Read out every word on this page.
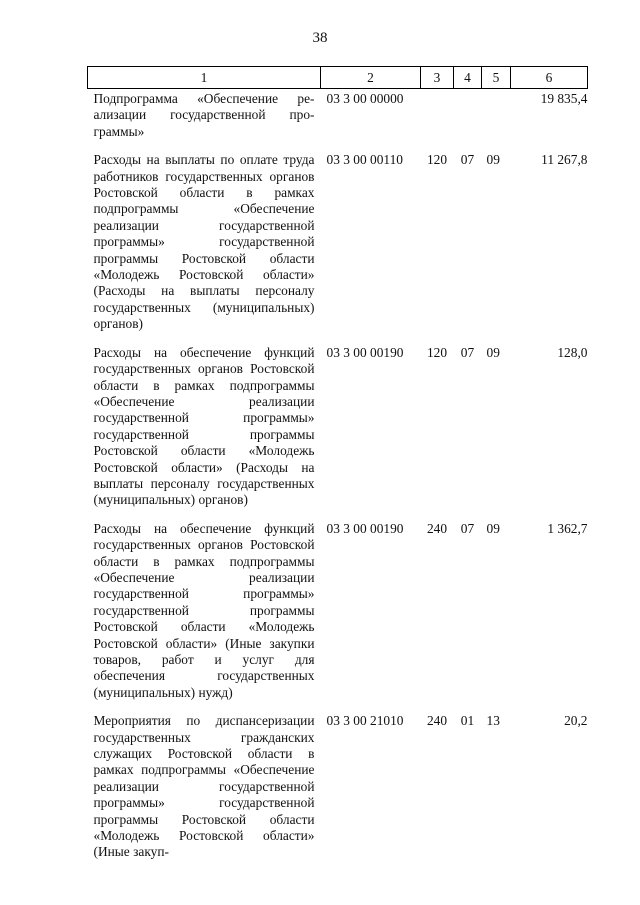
38
1	2	3	4	5	6
Подпрограмма «Обеспечение реализации государственной программы»	03 3 00 00000				19 835,4
Расходы на выплаты по оплате труда работников государственных органов Ростовской области в рамках подпрограммы «Обеспечение реализации государственной программы» государственной программы Ростовской области «Молодежь Ростовской области» (Расходы на выплаты персоналу государственных (муниципальных) органов)	03 3 00 00110	120	07	09	11 267,8
Расходы на обеспечение функций государственных органов Ростовской области в рамках подпрограммы «Обеспечение реализации государственной программы» государственной программы Ростовской области «Молодежь Ростовской области» (Расходы на выплаты персоналу государственных (муниципальных) органов)	03 3 00 00190	120	07	09	128,0
Расходы на обеспечение функций государственных органов Ростовской области в рамках подпрограммы «Обеспечение реализации государственной программы» государственной программы Ростовской области «Молодежь Ростовской области» (Иные закупки товаров, работ и услуг для обеспечения государственных (муниципальных) нужд)	03 3 00 00190	240	07	09	1 362,7
Мероприятия по диспансеризации государственных гражданских служащих Ростовской области в рамках подпрограммы «Обеспечение реализации государственной программы» государственной программы Ростовской области «Молодежь Ростовской области» (Иные закуп-	03 3 00 21010	240	01	13	20,2
